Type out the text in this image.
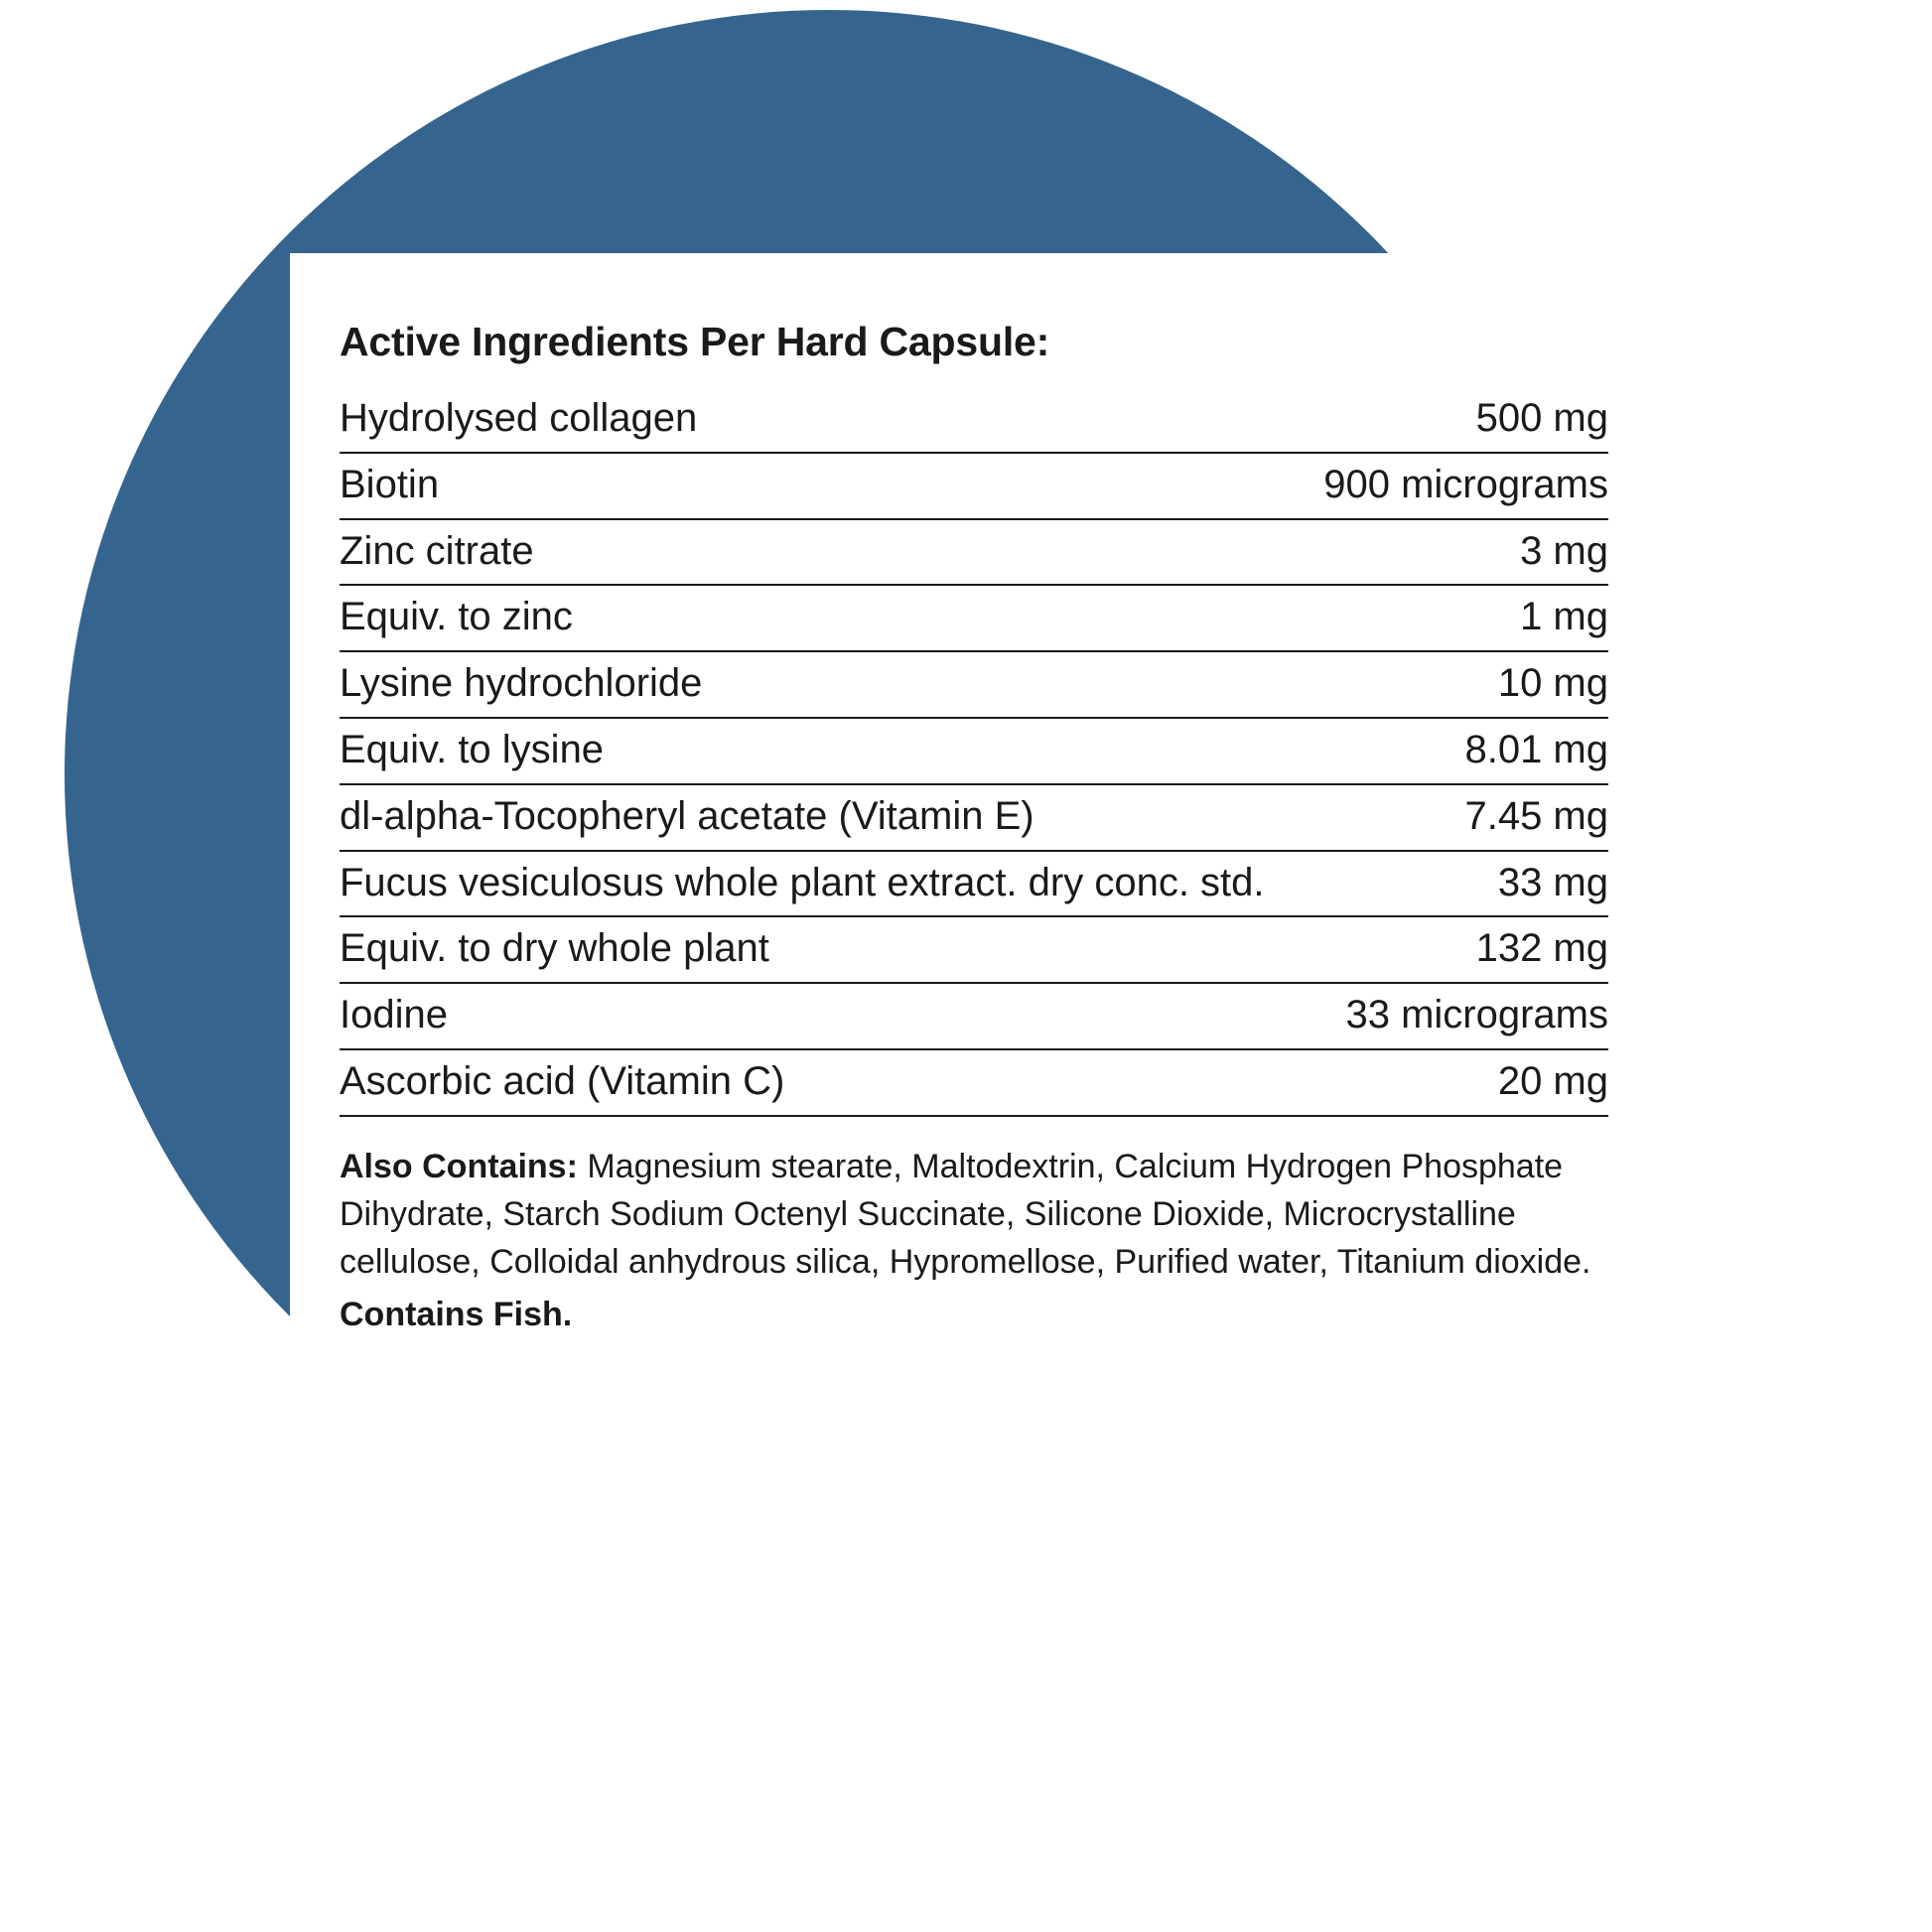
Active Ingredients Per Hard Capsule:
Hydrolysed collagen	500 mg
Biotin	900 micrograms
Zinc citrate	3 mg
Equiv. to zinc	1 mg
Lysine hydrochloride	10 mg
Equiv. to lysine	8.01 mg
dl-alpha-Tocopheryl acetate (Vitamin E)	7.45 mg
Fucus vesiculosus whole plant extract. dry conc. std.	33 mg
Equiv. to dry whole plant	132 mg
Iodine	33 micrograms
Ascorbic acid (Vitamin C)	20 mg
Also Contains: Magnesium stearate, Maltodextrin, Calcium Hydrogen Phosphate Dihydrate, Starch Sodium Octenyl Succinate, Silicone Dioxide, Microcrystalline cellulose, Colloidal anhydrous silica, Hypromellose, Purified water, Titanium dioxide.
Contains Fish.
